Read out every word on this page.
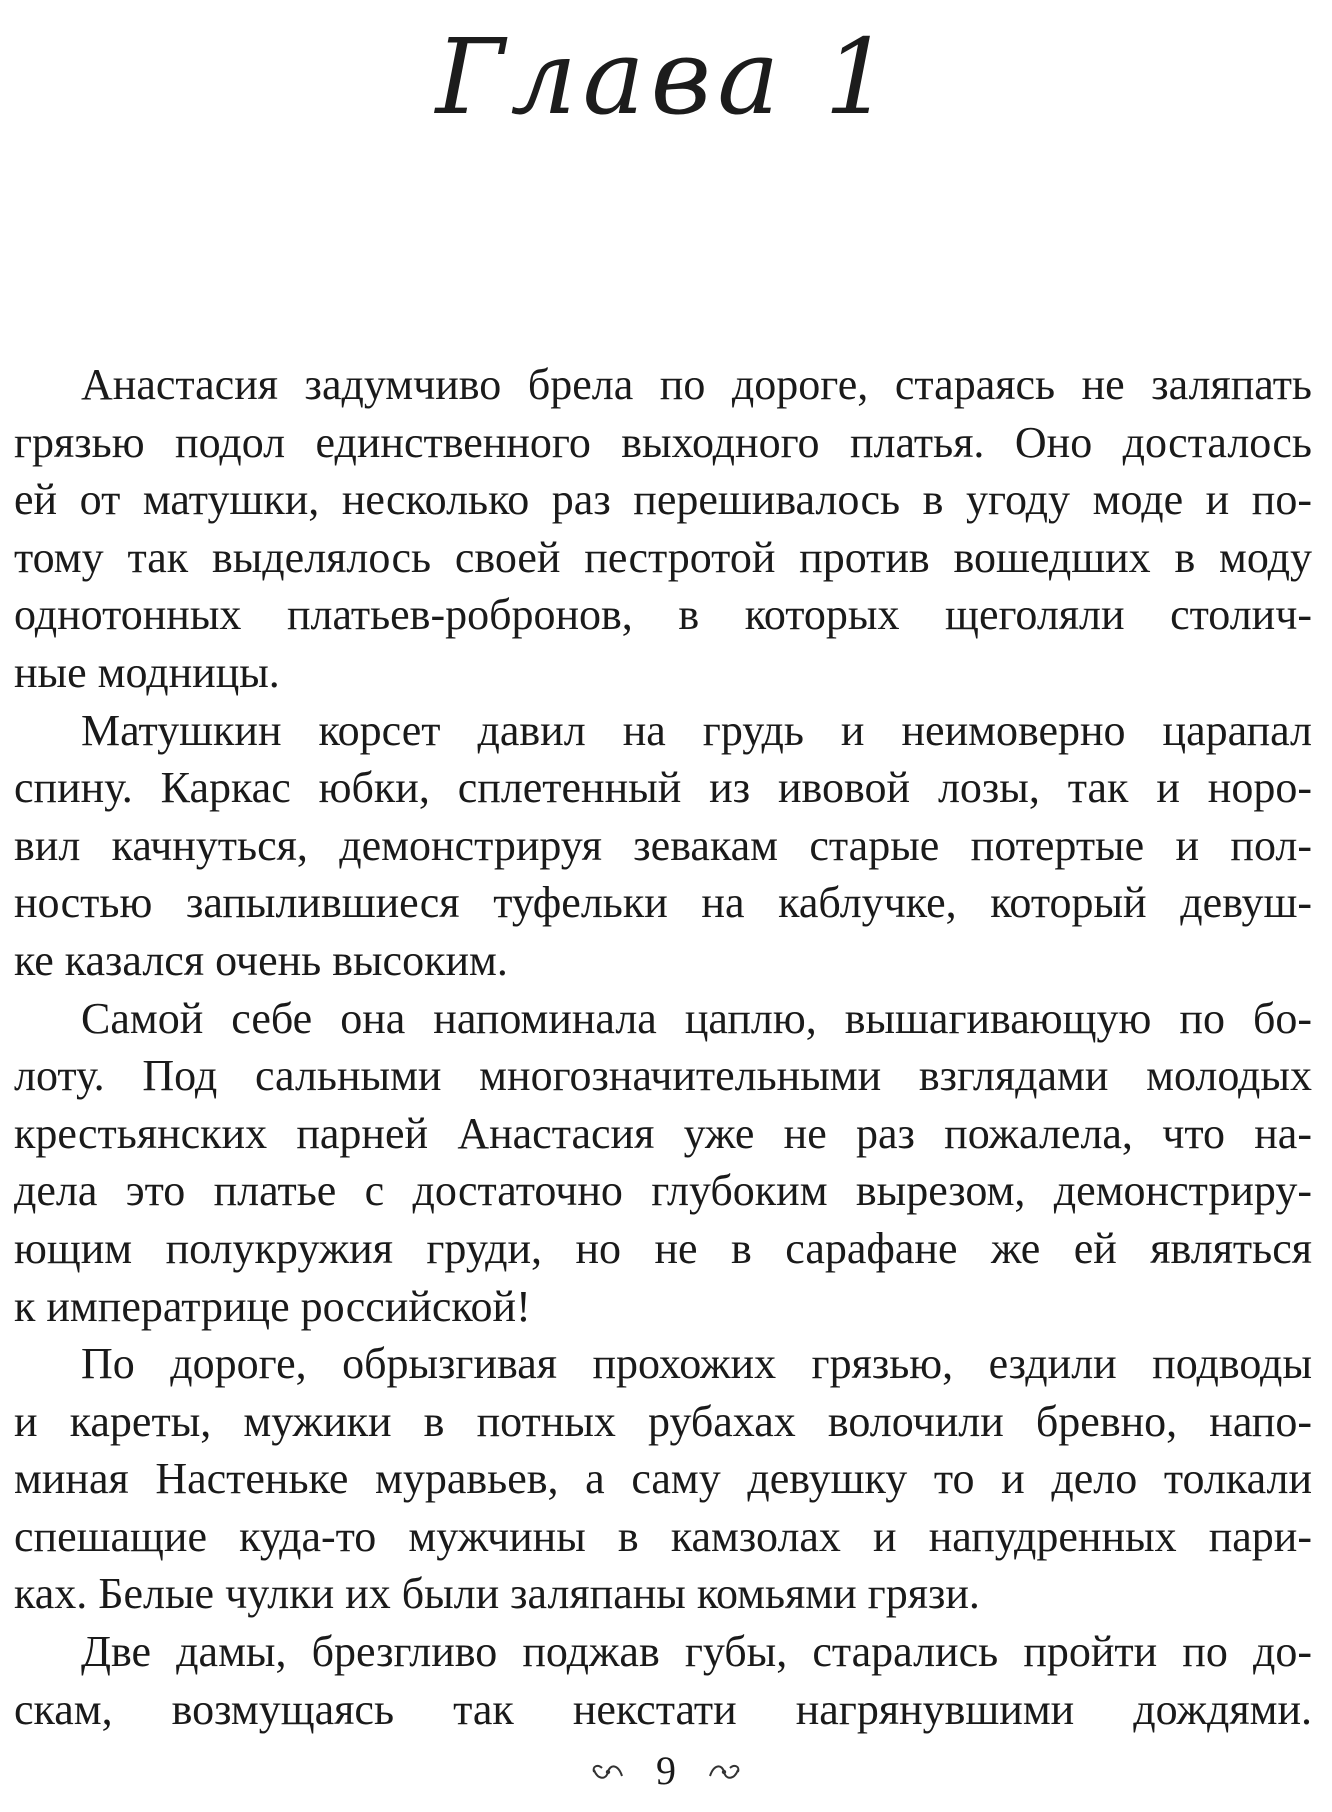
Глава 1
Анастасия задумчиво брела по дороге, стараясь не заляпать
грязью подол единственного выходного платья. Оно досталось
ей от матушки, несколько раз перешивалось в угоду моде и по-
тому так выделялось своей пестротой против вошедших в моду
однотонных платьев-робронов, в которых щеголяли столич-
ные модницы.
Матушкин корсет давил на грудь и неимоверно царапал
спину. Каркас юбки, сплетенный из ивовой лозы, так и норо-
вил качнуться, демонстрируя зевакам старые потертые и пол-
ностью запылившиеся туфельки на каблучке, который девуш-
ке казался очень высоким.
Самой себе она напоминала цаплю, вышагивающую по бо-
лоту. Под сальными многозначительными взглядами молодых
крестьянских парней Анастасия уже не раз пожалела, что на-
дела это платье с достаточно глубоким вырезом, демонстриру-
ющим полукружия груди, но не в сарафане же ей являться
к императрице российской!
По дороге, обрызгивая прохожих грязью, ездили подводы
и кареты, мужики в потных рубахах волочили бревно, напо-
миная Настеньке муравьев, а саму девушку то и дело толкали
спешащие куда-то мужчины в камзолах и напудренных пари-
ках. Белые чулки их были заляпаны комьями грязи.
Две дамы, брезгливо поджав губы, старались пройти по до-
скам, возмущаясь так некстати нагрянувшими дождями.
9
